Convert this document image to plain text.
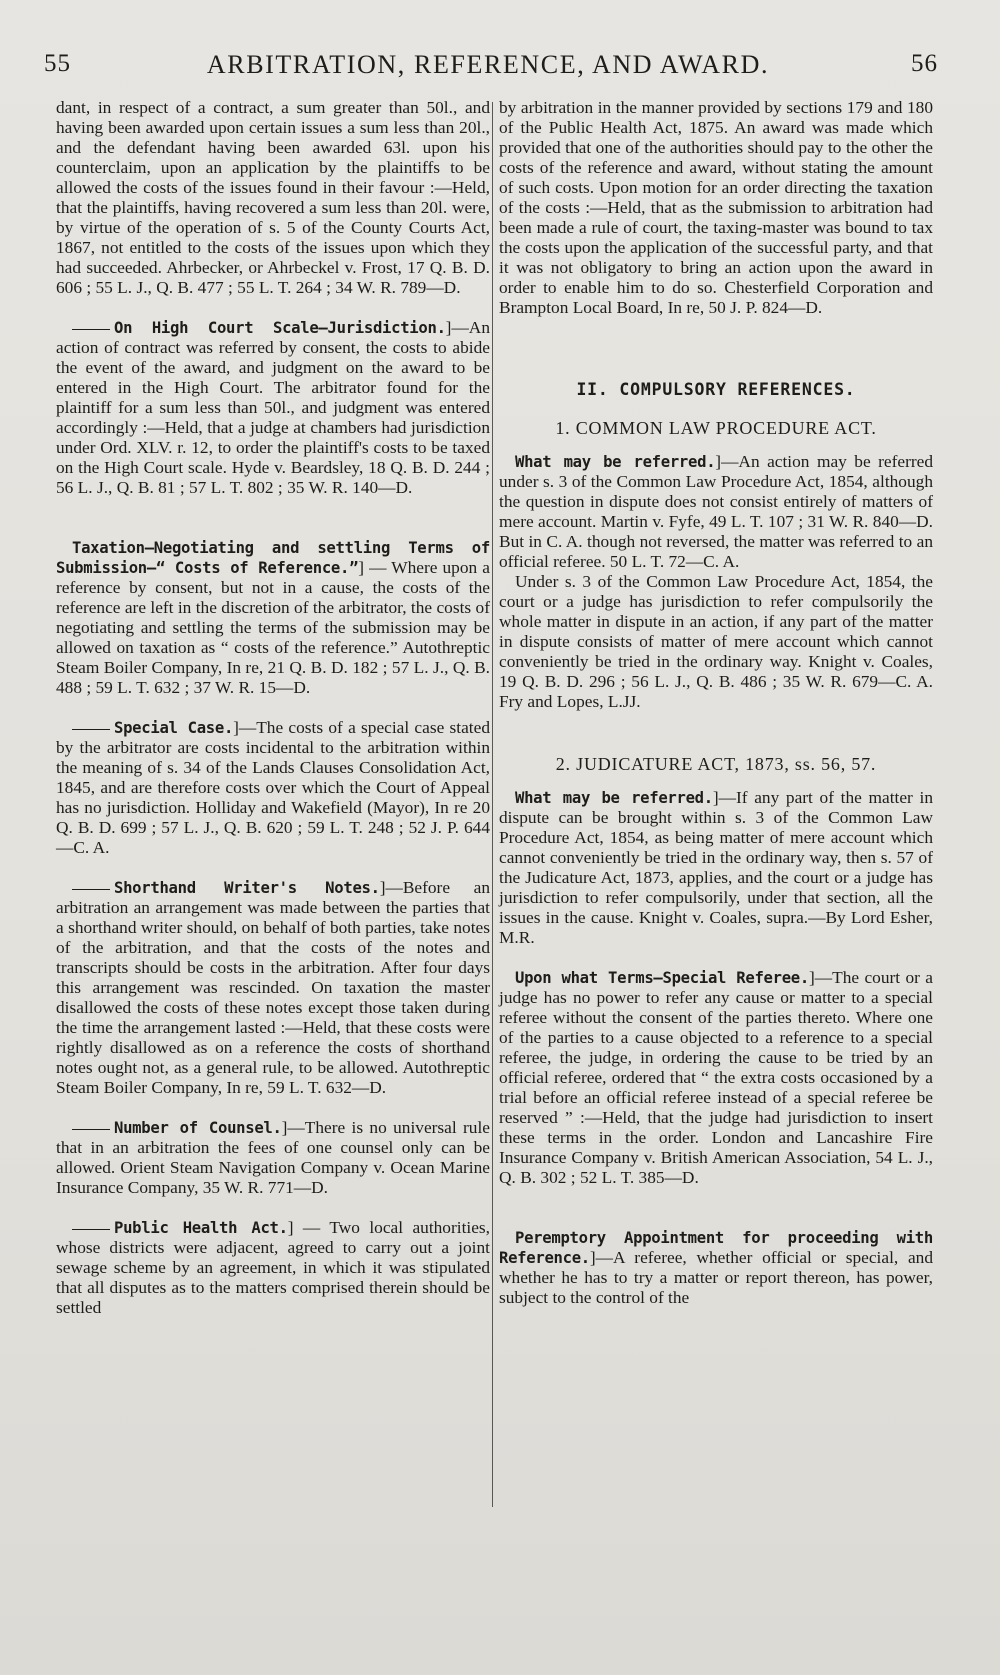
55	ARBITRATION, REFERENCE, AND AWARD.	56

dant, in respect of a contract, a sum greater than 50l., and having been awarded upon certain issues a sum less than 20l., and the defendant having been awarded 63l. upon his counterclaim, upon an application by the plaintiffs to be allowed the costs of the issues found in their favour :—Held, that the plaintiffs, having recovered a sum less than 20l. were, by virtue of the operation of s. 5 of the County Courts Act, 1867, not entitled to the costs of the issues upon which they had succeeded. Ahrbecker, or Ahrbeckel v. Frost, 17 Q. B. D. 606 ; 55 L. J., Q. B. 477 ; 55 L. T. 264 ; 34 W. R. 789—D.

On High Court Scale—Jurisdiction.]—An action of contract was referred by consent, the costs to abide the event of the award, and judgment on the award to be entered in the High Court. The arbitrator found for the plaintiff for a sum less than 50l., and judgment was entered accordingly :—Held, that a judge at chambers had jurisdiction under Ord. XLV. r. 12, to order the plaintiff's costs to be taxed on the High Court scale. Hyde v. Beardsley, 18 Q. B. D. 244 ; 56 L. J., Q. B. 81 ; 57 L. T. 802 ; 35 W. R. 140—D.

Taxation—Negotiating and settling Terms of Submission—“ Costs of Reference.”] — Where upon a reference by consent, but not in a cause, the costs of the reference are left in the discretion of the arbitrator, the costs of negotiating and settling the terms of the submission may be allowed on taxation as “ costs of the reference.” Autothreptic Steam Boiler Company, In re, 21 Q. B. D. 182 ; 57 L. J., Q. B. 488 ; 59 L. T. 632 ; 37 W. R. 15—D.

Special Case.]—The costs of a special case stated by the arbitrator are costs incidental to the arbitration within the meaning of s. 34 of the Lands Clauses Consolidation Act, 1845, and are therefore costs over which the Court of Appeal has no jurisdiction. Holliday and Wakefield (Mayor), In re 20 Q. B. D. 699 ; 57 L. J., Q. B. 620 ; 59 L. T. 248 ; 52 J. P. 644—C. A.

Shorthand Writer's Notes.]—Before an arbitration an arrangement was made between the parties that a shorthand writer should, on behalf of both parties, take notes of the arbitration, and that the costs of the notes and transcripts should be costs in the arbitration. After four days this arrangement was rescinded. On taxation the master disallowed the costs of these notes except those taken during the time the arrangement lasted :—Held, that these costs were rightly disallowed as on a reference the costs of shorthand notes ought not, as a general rule, to be allowed. Autothreptic Steam Boiler Company, In re, 59 L. T. 632—D.

Number of Counsel.]—There is no universal rule that in an arbitration the fees of one counsel only can be allowed. Orient Steam Navigation Company v. Ocean Marine Insurance Company, 35 W. R. 771—D.

Public Health Act.] — Two local authorities, whose districts were adjacent, agreed to carry out a joint sewage scheme by an agreement, in which it was stipulated that all disputes as to the matters comprised therein should be settled

by arbitration in the manner provided by sections 179 and 180 of the Public Health Act, 1875. An award was made which provided that one of the authorities should pay to the other the costs of the reference and award, without stating the amount of such costs. Upon motion for an order directing the taxation of the costs :—Held, that as the submission to arbitration had been made a rule of court, the taxing-master was bound to tax the costs upon the application of the successful party, and that it was not obligatory to bring an action upon the award in order to enable him to do so. Chesterfield Corporation and Brampton Local Board, In re, 50 J. P. 824—D.

II. COMPULSORY REFERENCES.

1. COMMON LAW PROCEDURE ACT.

What may be referred.]—An action may be referred under s. 3 of the Common Law Procedure Act, 1854, although the question in dispute does not consist entirely of matters of mere account. Martin v. Fyfe, 49 L. T. 107 ; 31 W. R. 840—D. But in C. A. though not reversed, the matter was referred to an official referee. 50 L. T. 72—C. A.

Under s. 3 of the Common Law Procedure Act, 1854, the court or a judge has jurisdiction to refer compulsorily the whole matter in dispute in an action, if any part of the matter in dispute consists of matter of mere account which cannot conveniently be tried in the ordinary way. Knight v. Coales, 19 Q. B. D. 296 ; 56 L. J., Q. B. 486 ; 35 W. R. 679—C. A. Fry and Lopes, L.JJ.

2. JUDICATURE ACT, 1873, ss. 56, 57.

What may be referred.]—If any part of the matter in dispute can be brought within s. 3 of the Common Law Procedure Act, 1854, as being matter of mere account which cannot conveniently be tried in the ordinary way, then s. 57 of the Judicature Act, 1873, applies, and the court or a judge has jurisdiction to refer compulsorily, under that section, all the issues in the cause. Knight v. Coales, supra.—By Lord Esher, M.R.

Upon what Terms—Special Referee.]—The court or a judge has no power to refer any cause or matter to a special referee without the consent of the parties thereto. Where one of the parties to a cause objected to a reference to a special referee, the judge, in ordering the cause to be tried by an official referee, ordered that “ the extra costs occasioned by a trial before an official referee instead of a special referee be reserved ” :—Held, that the judge had jurisdiction to insert these terms in the order. London and Lancashire Fire Insurance Company v. British American Association, 54 L. J., Q. B. 302 ; 52 L. T. 385—D.

Peremptory Appointment for proceeding with Reference.]—A referee, whether official or special, and whether he has to try a matter or report thereon, has power, subject to the control of the
